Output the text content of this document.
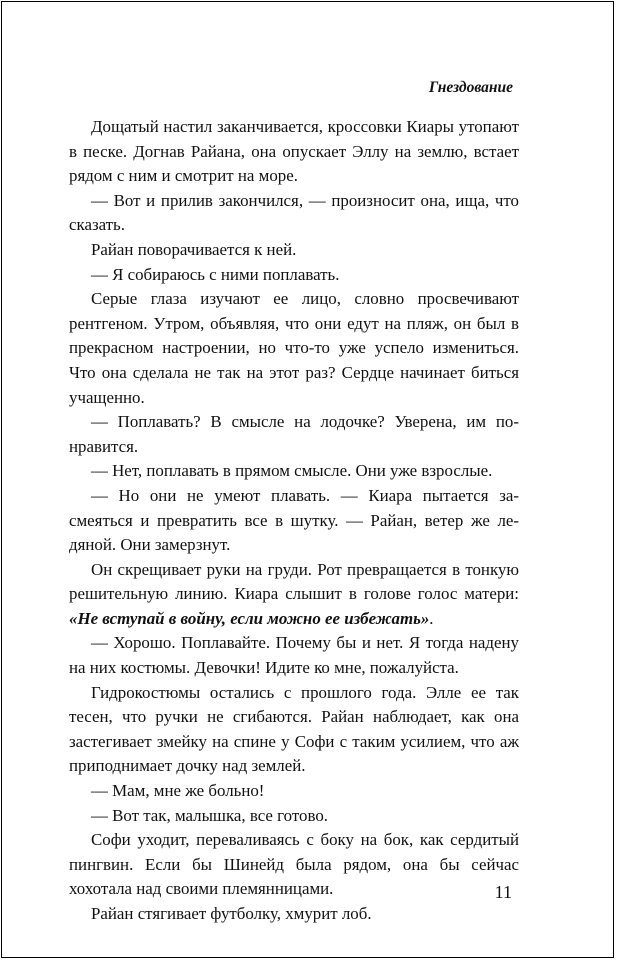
Гнездование

Дощатый настил заканчивается, кроссовки Киары утопают в песке. Догнав Райана, она опускает Эллу на землю, встает рядом с ним и смотрит на море.

— Вот и прилив закончился, — произносит она, ища, что сказать.

Райан поворачивается к ней.

— Я собираюсь с ними поплавать.

Серые глаза изучают ее лицо, словно просвечивают рентгеном. Утром, объявляя, что они едут на пляж, он был в прекрасном настроении, но что-то уже успело измениться. Что она сделала не так на этот раз? Сердце начинает биться учащенно.

— Поплавать? В смысле на лодочке? Уверена, им понравится.

— Нет, поплавать в прямом смысле. Они уже взрослые.

— Но они не умеют плавать. — Киара пытается засмеяться и превратить все в шутку. — Райан, ветер же ледяной. Они замерзнут.

Он скрещивает руки на груди. Рот превращается в тонкую решительную линию. Киара слышит в голове голос матери: «Не вступай в войну, если можно ее избежать».

— Хорошо. Поплавайте. Почему бы и нет. Я тогда надену на них костюмы. Девочки! Идите ко мне, пожалуйста.

Гидрокостюмы остались с прошлого года. Элле ее так тесен, что ручки не сгибаются. Райан наблюдает, как она застегивает змейку на спине у Софи с таким усилием, что аж приподнимает дочку над землей.

— Мам, мне же больно!

— Вот так, малышка, все готово.

Софи уходит, переваливаясь с боку на бок, как сердитый пингвин. Если бы Шинейд была рядом, она бы сейчас хохотала над своими племянницами.

Райан стягивает футболку, хмурит лоб.

11
